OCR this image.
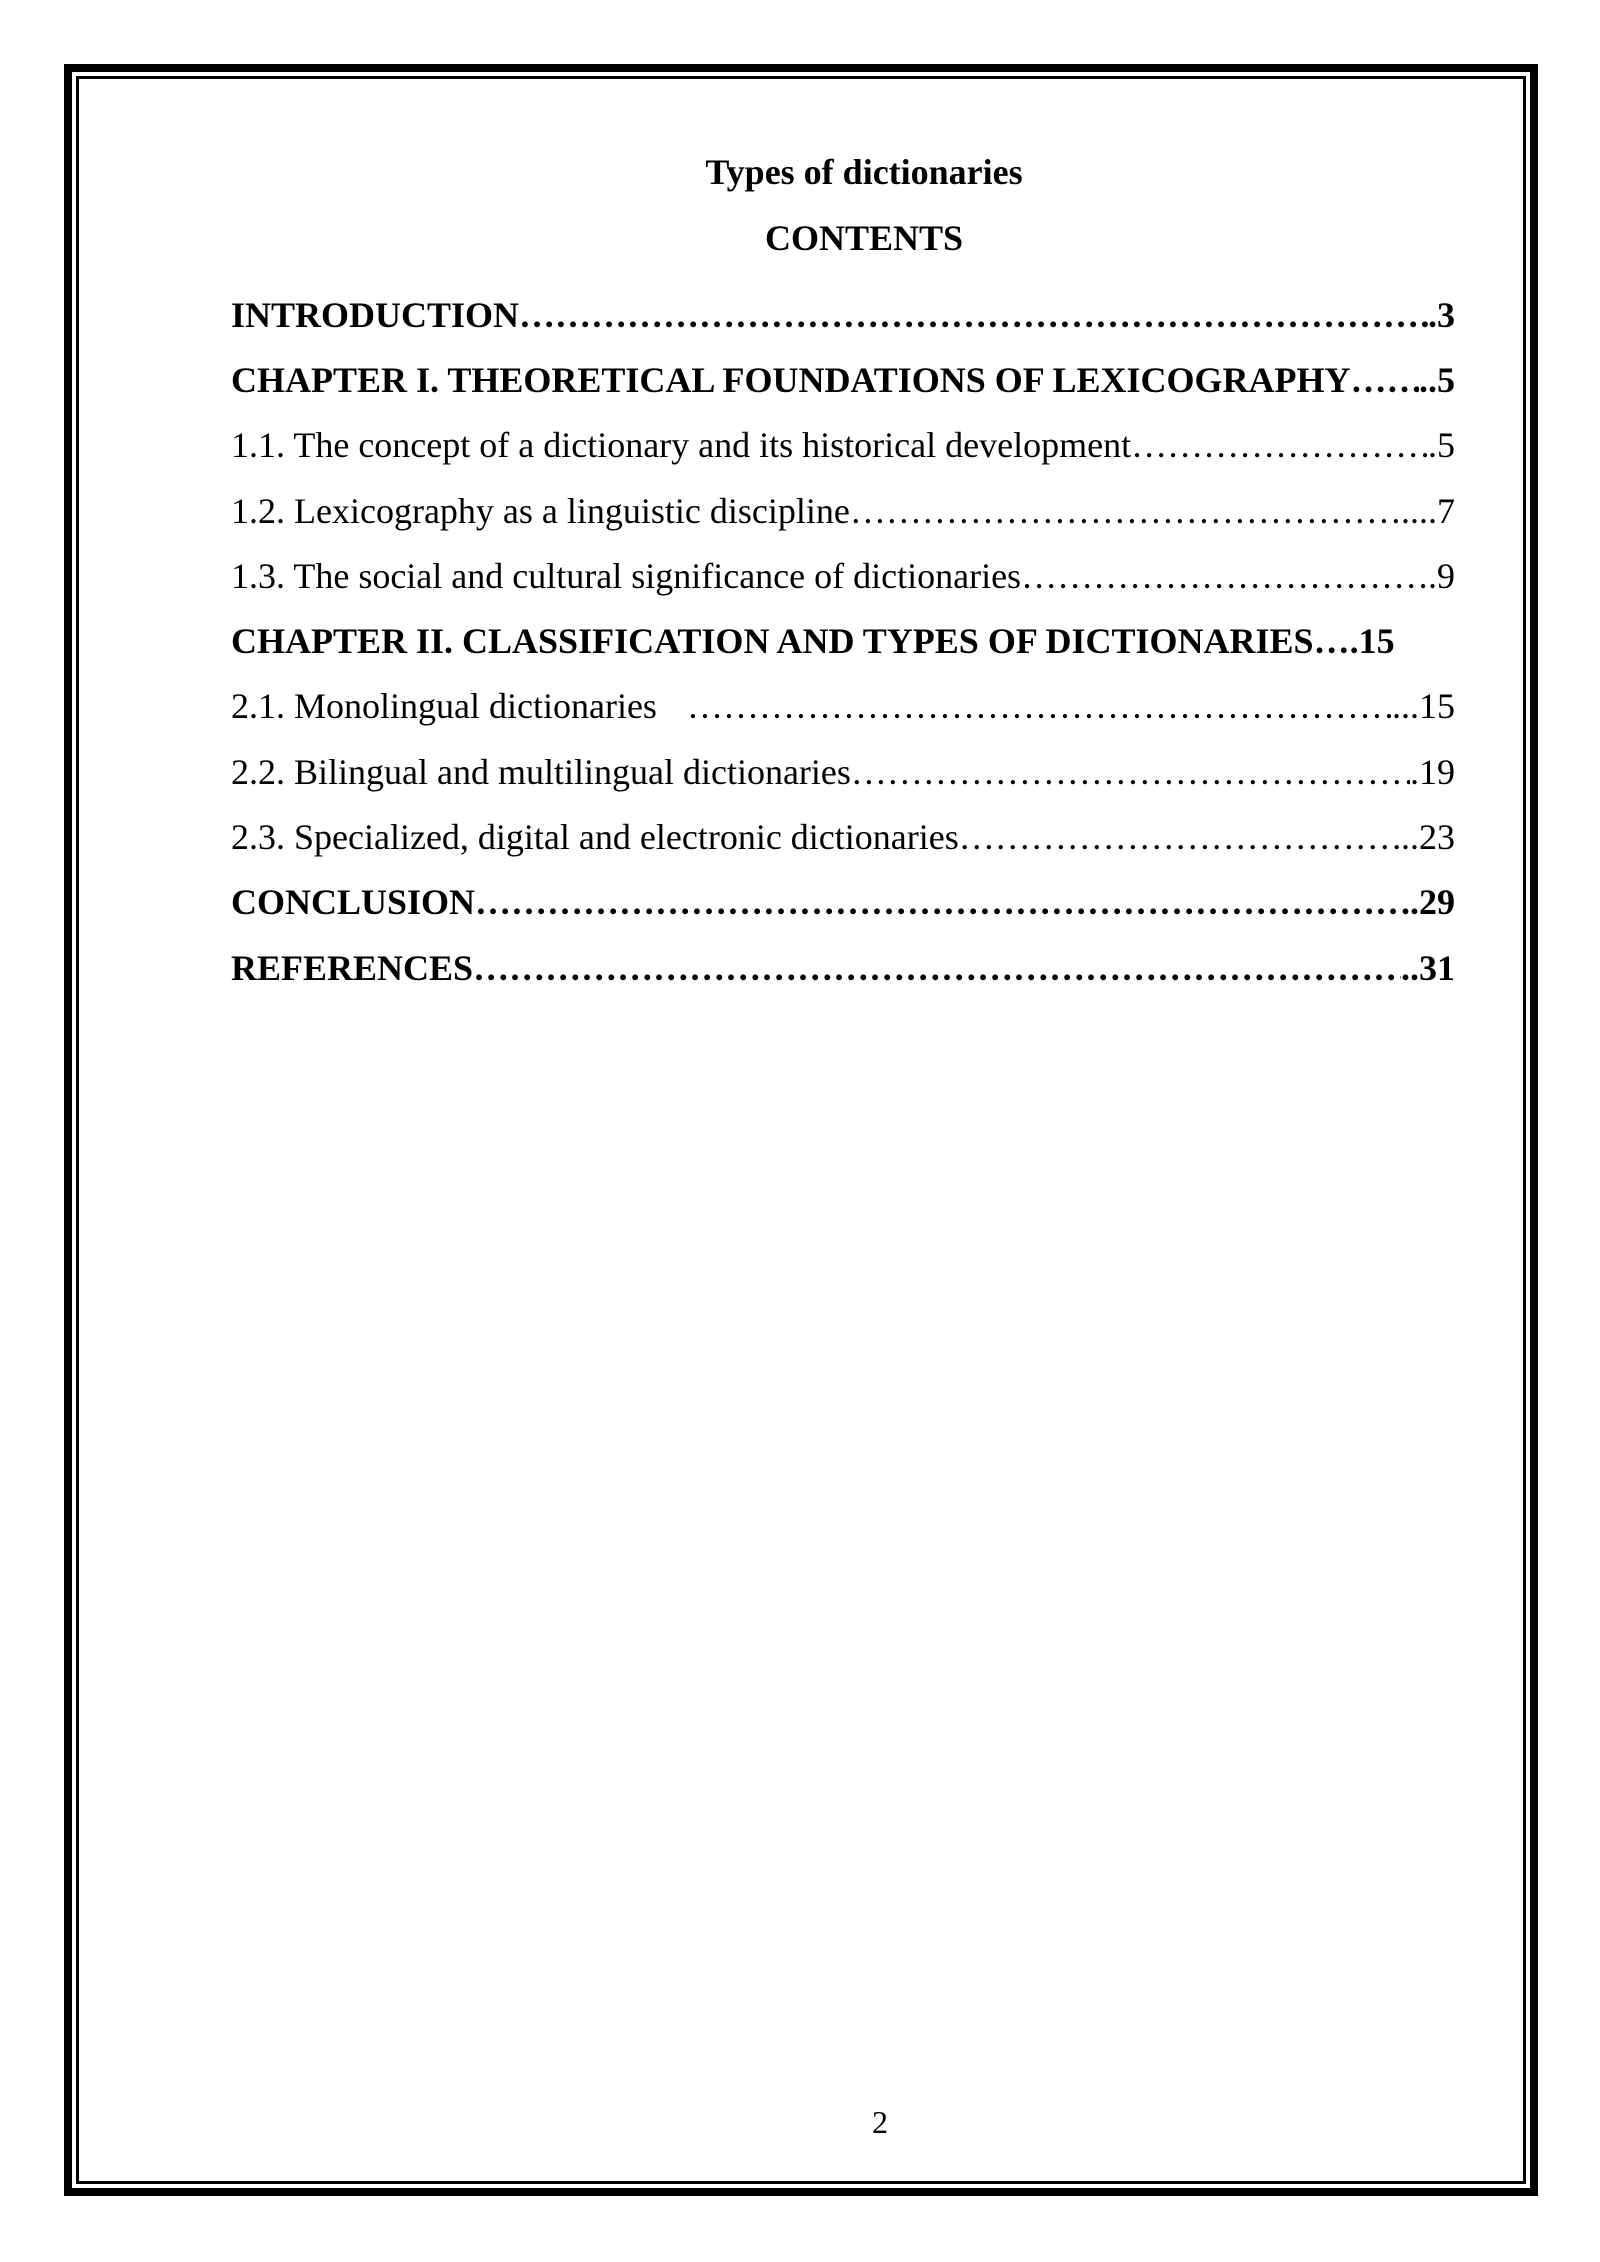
Types of dictionaries
CONTENTS
INTRODUCTION …………………………………………………………………………………………………………………………………………………………………………	.3
CHAPTER I. THEORETICAL FOUNDATIONS OF LEXICOGRAPHY ………………………………………………………………………………………………………………………………………………………………………… ..5
1.1. The concept of a dictionary and its historical development …………………………………………………………………………………………………………………………………………………………………………	.5
1.2. Lexicography as a linguistic discipline …………………………………………………………………………………………………………………………………………………………………………	....7
1.3. The social and cultural significance of dictionaries …………………………………………………………………………………………………………………………………………………………………………	.9
CHAPTER II. CLASSIFICATION AND TYPES OF DICTIONARIES ….15
2.1. Monolingual dictionaries …………………………………………………………………………………………………………………………………………………………………………	...15
2.2. Bilingual and multilingual dictionaries …………………………………………………………………………………………………………………………………………………………………………	.19
2.3. Specialized, digital and electronic dictionaries …………………………………………………………………………………………………………………………………………………………………………	..23
CONCLUSION …………………………………………………………………………………………………………………………………………………………………………	..29
REFERENCES …………………………………………………………………………………………………………………………………………………………………………	..31
2
